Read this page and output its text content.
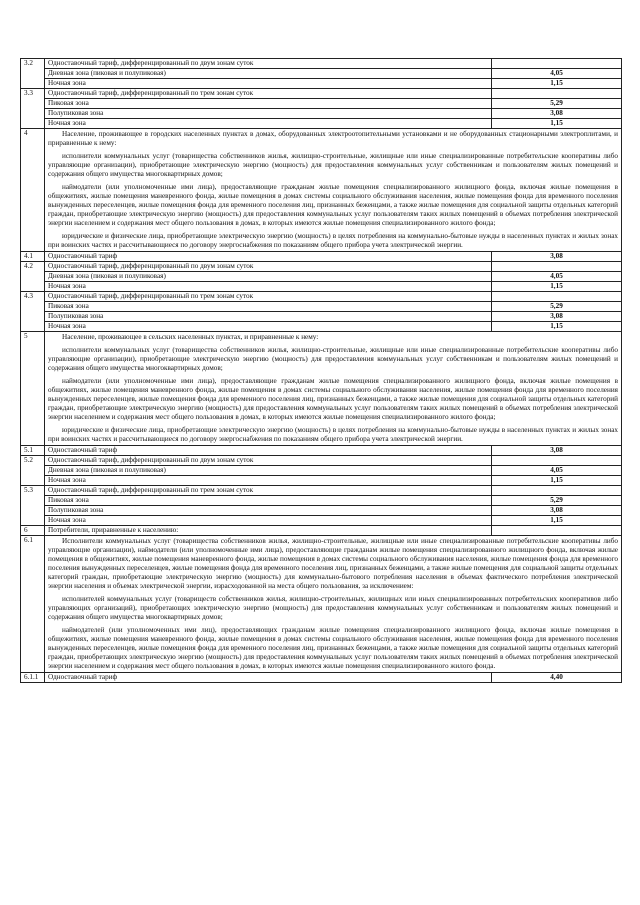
3.2	Одноставочный тариф, дифференцированный по двум зонам суток	
	Дневная зона (пиковая и полупиковая)	4,05
	Ночная зона	1,15
3.3	Одноставочный тариф, дифференцированный по трем зонам суток	
	Пиковая зона	5,29
	Полупиковая зона	3,08
	Ночная зона	1,15
4	Население, проживающее в городских населенных пунктах в домах, оборудованных электроотопительными установками и не оборудованных стационарными электроплитами, и приравненные к нему:

исполнители коммунальных услуг (товарищества собственников жилья, жилищно-строительные, жилищные или иные специализированные потребительские кооперативы либо управляющие организации), приобретающие электрическую энергию (мощность) для предоставления коммунальных услуг собственникам и пользователям жилых помещений и содержания общего имущества многоквартирных домов;

наймодатели (или уполномоченные ими лица), предоставляющие гражданам жилые помещения специализированного жилищного фонда, включая жилые помещения в общежитиях, жилые помещения маневренного фонда, жилые помещения в домах системы социального обслуживания населения, жилые помещения фонда для временного поселения вынужденных переселенцев, жилые помещения фонда для временного поселения лиц, признанных беженцами, а также жилые помещения для социальной защиты отдельных категорий граждан, приобретающие электрическую энергию (мощность) для предоставления коммунальных услуг пользователям таких жилых помещений в объемах потребления электрической энергии населением и содержания мест общего пользования в домах, в которых имеются жилые помещения специализированного жилого фонда;

юридические и физические лица, приобретающие электрическую энергию (мощность) в целях потребления на коммунально-бытовые нужды в населенных пунктах и жилых зонах при воинских частях и рассчитывающиеся по договору энергоснабжения по показаниям общего прибора учета электрической энергии.	

4.1	Одноставочный тариф	3,08
4.2	Одноставочный тариф, дифференцированный по двум зонам суток	
	Дневная зона (пиковая и полупиковая)	4,05
	Ночная зона	1,15
4.3	Одноставочный тариф, дифференцированный по трем зонам суток	
	Пиковая зона	5,29
	Полупиковая зона	3,08
	Ночная зона	1,15
5	Население, проживающее в сельских населенных пунктах, и приравненные к нему:

исполнители коммунальных услуг (товарищества собственников жилья, жилищно-строительные, жилищные или иные специализированные потребительские кооперативы либо управляющие организации), приобретающие электрическую энергию (мощность) для предоставления коммунальных услуг собственникам и пользователям жилых помещений и содержания общего имущества многоквартирных домов;

наймодатели (или уполномоченные ими лица), предоставляющие гражданам жилые помещения специализированного жилищного фонда, включая жилые помещения в общежитиях, жилые помещения маневренного фонда, жилые помещения в домах системы социального обслуживания населения, жилые помещения фонда для временного поселения вынужденных переселенцев, жилые помещения фонда для временного поселения лиц, признанных беженцами, а также жилые помещения для социальной защиты отдельных категорий граждан, приобретающие электрическую энергию (мощность) для предоставления коммунальных услуг пользователям таких жилых помещений в объемах потребления электрической энергии населением и содержания мест общего пользования в домах, в которых имеются жилые помещения специализированного жилого фонда;

юридические и физические лица, приобретающие электрическую энергию (мощность) в целях потребления на коммунально-бытовые нужды в населенных пунктах и жилых зонах при воинских частях и рассчитывающиеся по договору энергоснабжения по показаниям общего прибора учета электрической энергии.	

5.1	Одноставочный тариф	3,08
5.2	Одноставочный тариф, дифференцированный по двум зонам суток	
	Дневная зона (пиковая и полупиковая)	4,05
	Ночная зона	1,15
5.3	Одноставочный тариф, дифференцированный по трем зонам суток	
	Пиковая зона	5,29
	Полупиковая зона	3,08
	Ночная зона	1,15
6	Потребители, приравненные к населению:	
6.1	Исполнители коммунальных услуг (товарищества собственников жилья, жилищно-строительные, жилищные или иные специализированные потребительские кооперативы либо управляющие организации), наймодатели (или уполномоченные ими лица), предоставляющие гражданам жилые помещения специализированного жилищного фонда, включая жилые помещения в общежитиях, жилые помещения маневренного фонда, жилые помещения в домах системы социального обслуживания населения, жилые помещения фонда для временного поселения вынужденных переселенцев, жилые помещения фонда для временного поселения лиц, признанных беженцами, а также жилые помещения для социальной защиты отдельных категорий граждан, приобретающие электрическую энергию (мощность) для коммунально-бытового потребления населения в объемах фактического потребления электрической энергии населения и объемах электрической энергии, израсходованной на места общего пользования, за исключением:

исполнителей коммунальных услуг (товариществ собственников жилья, жилищно-строительных, жилищных или иных специализированных потребительских кооперативов либо управляющих организаций), приобретающих электрическую энергию (мощность) для предоставления коммунальных услуг собственникам и пользователям жилых помещений и содержания общего имущества многоквартирных домов;

наймодателей (или уполномоченных ими лиц), предоставляющих гражданам жилые помещения специализированного жилищного фонда, включая жилые помещения в общежитиях, жилые помещения маневренного фонда, жилые помещения в домах системы социального обслуживания населения, жилые помещения фонда для временного поселения вынужденных переселенцев, жилые помещения фонда для временного поселения лиц, признанных беженцами, а также жилые помещения для социальной защиты отдельных категорий граждан, приобретающих электрическую энергию (мощность) для предоставления коммунальных услуг пользователям таких жилых помещений в объемах потребления электрической энергии населением и содержания мест общего пользования в домах, в которых имеются жилые помещения специализированного жилого фонда.	

6.1.1	Одноставочный тариф	4,40
